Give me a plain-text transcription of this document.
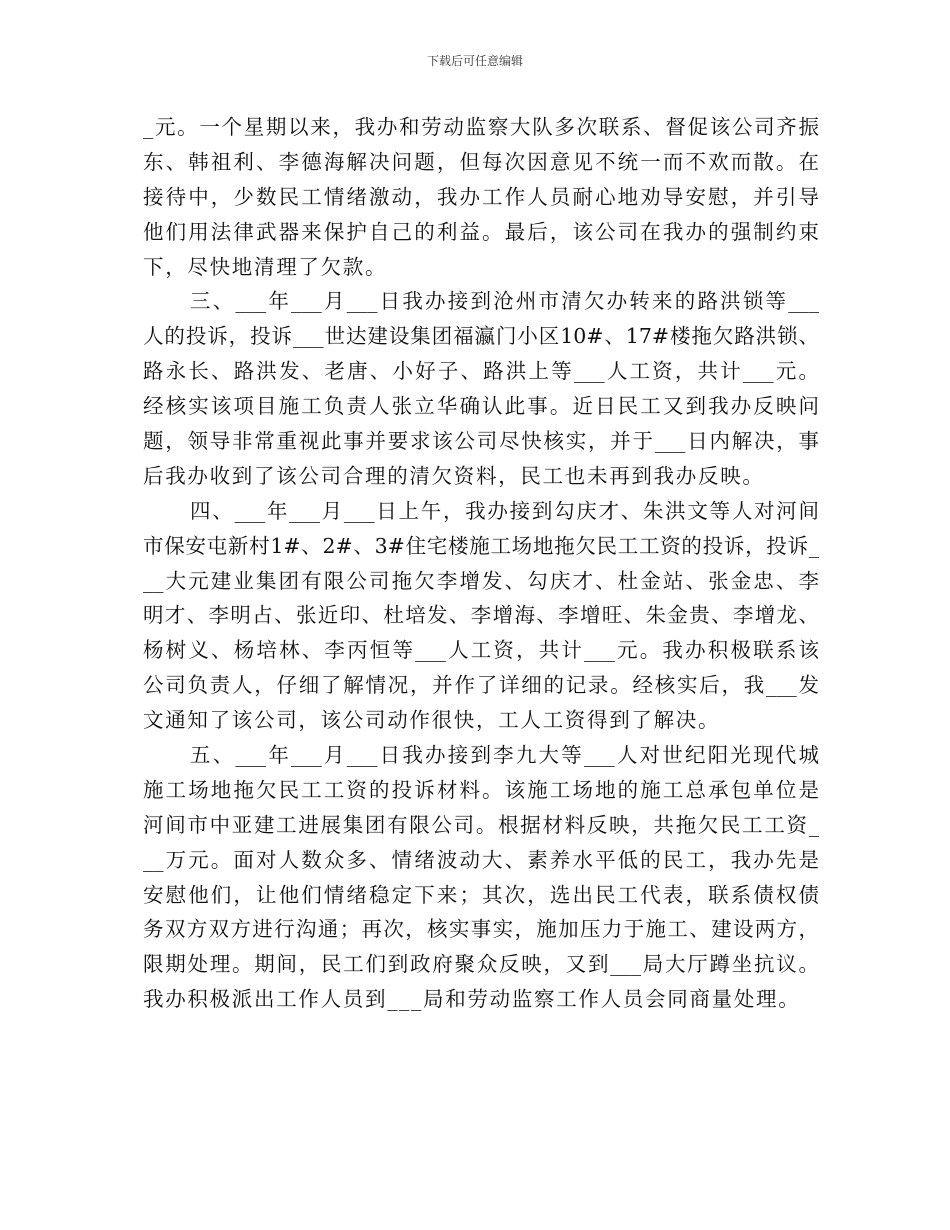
下载后可任意编辑
_元。一个星期以来，我办和劳动监察大队多次联系、督促该公司齐振
东、韩祖利、李德海解决问题，但每次因意见不统一而不欢而散。在
接待中，少数民工情绪激动，我办工作人员耐心地劝导安慰，并引导
他们用法律武器来保护自己的利益。最后，该公司在我办的强制约束
下，尽快地清理了欠款。
三、___年___月___日我办接到沧州市清欠办转来的路洪锁等___
人的投诉，投诉___世达建设集团福瀛门小区10#、17#楼拖欠路洪锁、
路永长、路洪发、老唐、小好子、路洪上等___人工资，共计___元。
经核实该项目施工负责人张立华确认此事。近日民工又到我办反映问
题，领导非常重视此事并要求该公司尽快核实，并于___日内解决，事
后我办收到了该公司合理的清欠资料，民工也未再到我办反映。
四、___年___月___日上午，我办接到勾庆才、朱洪文等人对河间
市保安屯新村1#、2#、3#住宅楼施工场地拖欠民工工资的投诉，投诉_
__大元建业集团有限公司拖欠李增发、勾庆才、杜金站、张金忠、李
明才、李明占、张近印、杜培发、李增海、李增旺、朱金贵、李增龙、
杨树义、杨培林、李丙恒等___人工资，共计___元。我办积极联系该
公司负责人，仔细了解情况，并作了详细的记录。经核实后，我___发
文通知了该公司，该公司动作很快，工人工资得到了解决。
五、___年___月___日我办接到李九大等___人对世纪阳光现代城
施工场地拖欠民工工资的投诉材料。该施工场地的施工总承包单位是
河间市中亚建工进展集团有限公司。根据材料反映，共拖欠民工工资_
__万元。面对人数众多、情绪波动大、素养水平低的民工，我办先是
安慰他们，让他们情绪稳定下来；其次，选出民工代表，联系债权债
务双方双方进行沟通；再次，核实事实，施加压力于施工、建设两方，
限期处理。期间，民工们到政府聚众反映，又到___局大厅蹲坐抗议。
我办积极派出工作人员到___局和劳动监察工作人员会同商量处理。
